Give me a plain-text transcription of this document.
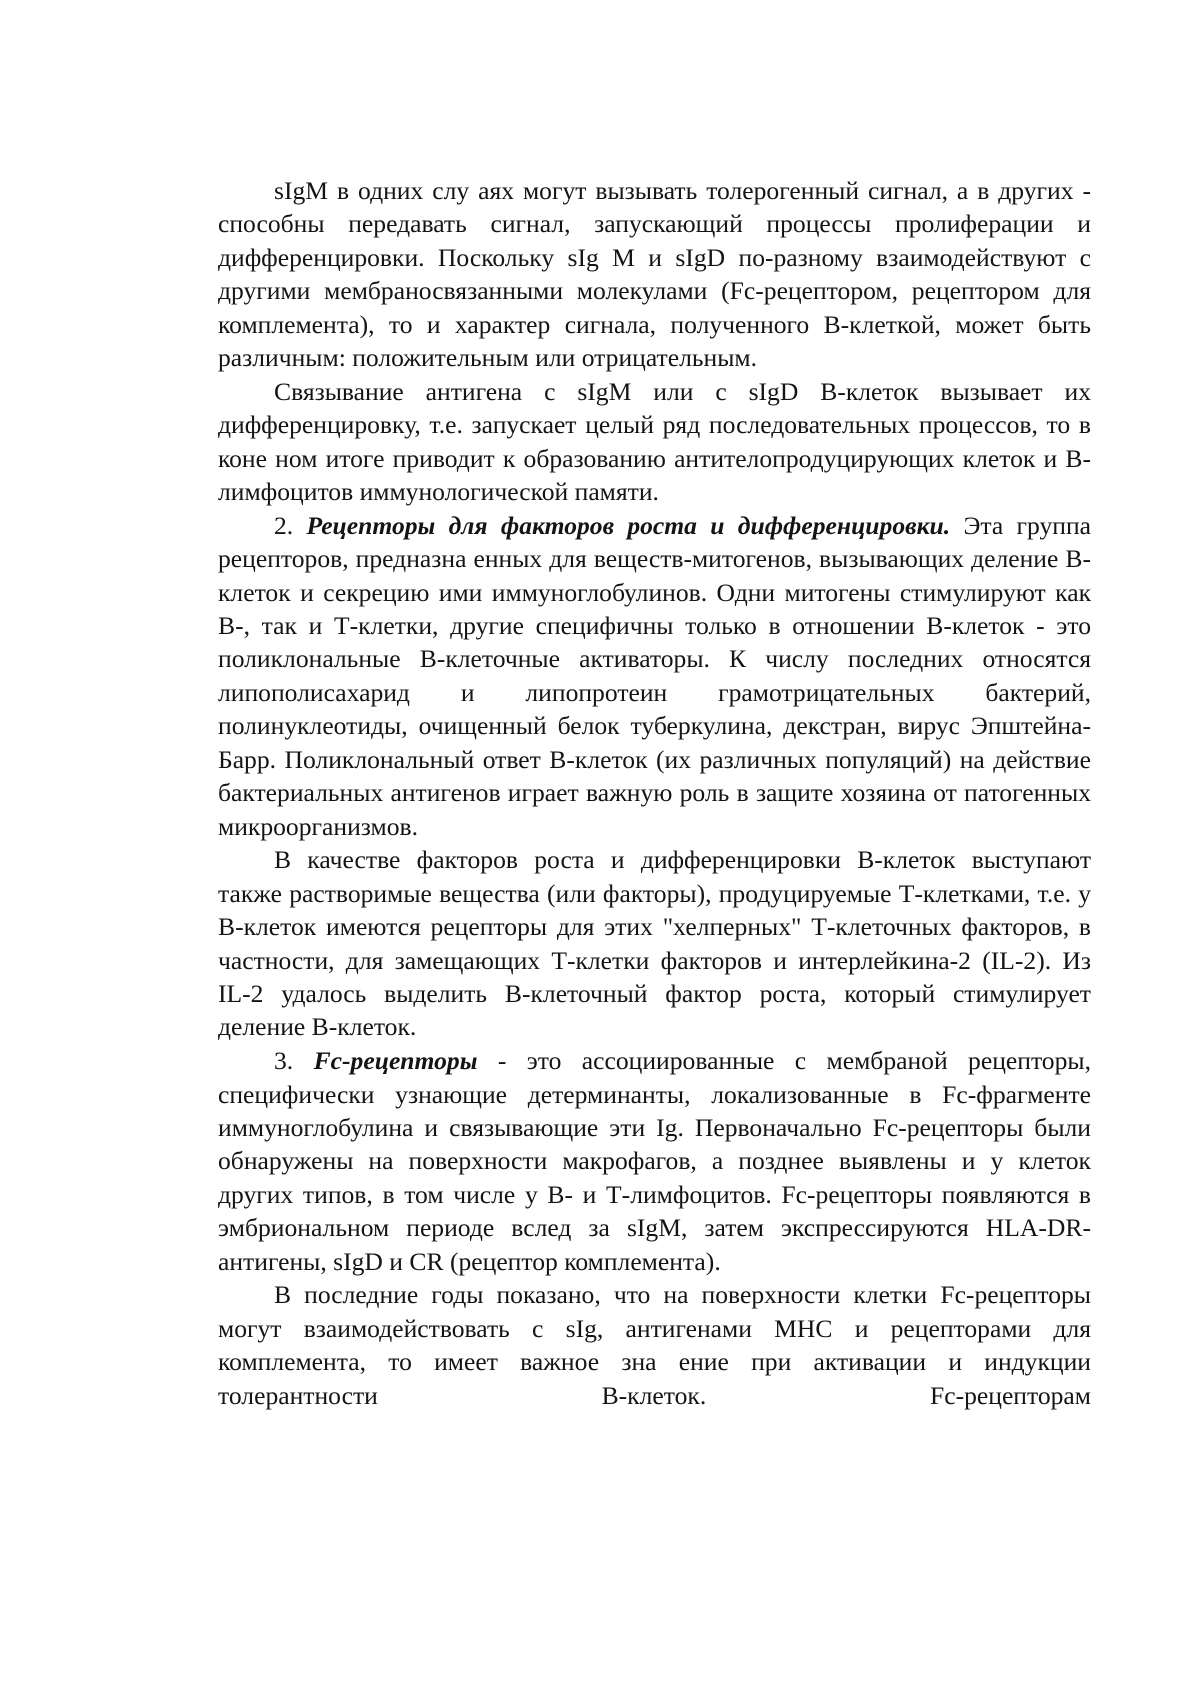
sIgM в одних слу аях могут вызывать толерогенный сигнал, а в других - способны передавать сигнал, запускающий процессы пролиферации и дифференцировки. Поскольку sIg M и sIgD по-разному взаимодействуют с другими мембраносвязанными молекулами (Fc-рецептором, рецептором для комплемента), то и характер сигнала, полученного В-клеткой, может быть различным: положительным или отрицательным.

Связывание антигена с sIgM или с sIgD В-клеток вызывает их дифференцировку, т.е. запускает целый ряд последовательных процессов, то в коне ном итоге приводит к образованию антителопродуцирующих клеток и В-лимфоцитов иммунологической памяти.

2. Рецепторы для факторов роста и дифференцировки. Эта группа рецепторов, предназна енных для веществ-митогенов, вызывающих деление В-клеток и секрецию ими иммуноглобулинов. Одни митогены стимулируют как В-, так и Т-клетки, другие специфичны только в отношении В-клеток - это поликлональные В-клеточные активаторы. К числу последних относятся липополисахарид и липопротеин грамотрицательных бактерий, полинуклеотиды, очищенный белок туберкулина, декстран, вирус Эпштейна-Барр. Поликлональный ответ В-клеток (их различных популяций) на действие бактериальных антигенов играет важную роль в защите хозяина от патогенных микроорганизмов.

В качестве факторов роста и дифференцировки В-клеток выступают также растворимые вещества (или факторы), продуцируемые Т-клетками, т.е. у В-клеток имеются рецепторы для этих "хелперных" Т-клеточных факторов, в частности, для замещающих Т-клетки факторов и интерлейкина-2 (IL-2). Из IL-2 удалось выделить В-клеточный фактор роста, который стимулирует деление В-клеток.

3. Fc-рецепторы - это ассоциированные с мембраной рецепторы, специфически узнающие детерминанты, локализованные в Fc-фрагменте иммуноглобулина и связывающие эти Ig. Первоначально Fc-рецепторы были обнаружены на поверхности макрофагов, а позднее выявлены и у клеток других типов, в том числе у В- и Т-лимфоцитов. Fc-рецепторы появляются в эмбриональном периоде вслед за sIgM, затем экспрессируются HLA-DR-антигены, sIgD и CR (рецептор комплемента).

В последние годы показано, что на поверхности клетки Fc-рецепторы могут взаимодействовать с sIg, антигенами МНС и рецепторами для комплемента, то имеет важное зна ение при активации и индукции толерантности В-клеток. Fc-рецепторам
